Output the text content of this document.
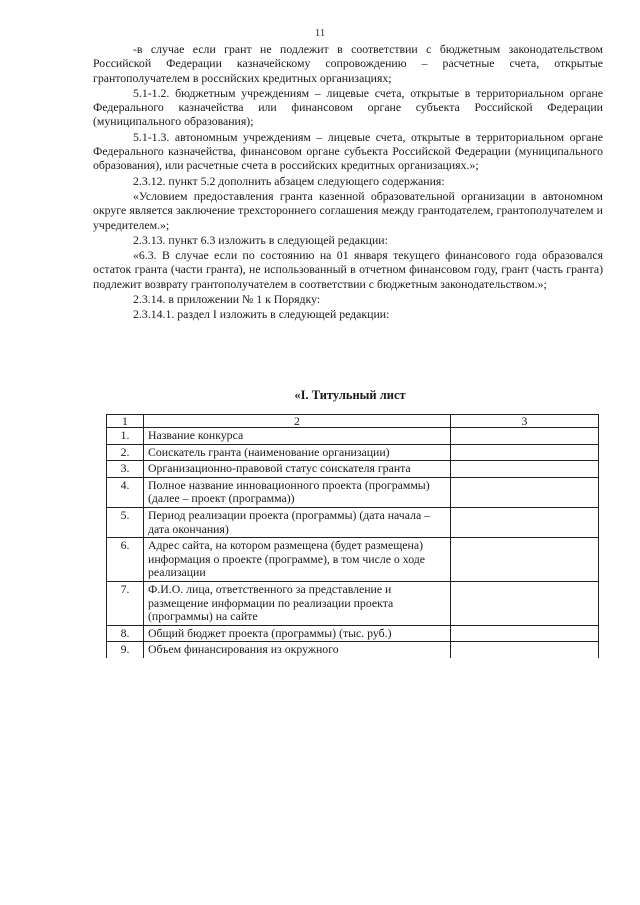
11

-в случае если грант не подлежит в соответствии с бюджетным законодательством Российской Федерации казначейскому сопровождению – расчетные счета, открытые грантополучателем в российских кредитных организациях;

5.1-1.2. бюджетным учреждениям – лицевые счета, открытые в территориальном органе Федерального казначейства или финансовом органе субъекта Российской Федерации (муниципального образования);

5.1-1.3. автономным учреждениям – лицевые счета, открытые в территориальном органе Федерального казначейства, финансовом органе субъекта Российской Федерации (муниципального образования), или расчетные счета в российских кредитных организациях.»;

2.3.12. пункт 5.2 дополнить абзацем следующего содержания:

«Условием предоставления гранта казенной образовательной организации в автономном округе является заключение трехстороннего соглашения между грантодателем, грантополучателем и учредителем.»;

2.3.13. пункт 6.3 изложить в следующей редакции:

«6.3. В случае если по состоянию на 01 января текущего финансового года образовался остаток гранта (части гранта), не использованный в отчетном финансовом году, грант (часть гранта) подлежит возврату грантополучателем в соответствии с бюджетным законодательством.»;

2.3.14. в приложении № 1 к Порядку:

2.3.14.1. раздел I изложить в следующей редакции:

«I. Титульный лист
1	2	3
1.	Название конкурса	
2.	Соискатель гранта (наименование организации)	
3.	Организационно-правовой статус соискателя гранта	
4.	Полное название инновационного проекта (программы) (далее – проект (программа))	
5.	Период реализации проекта (программы) (дата начала – дата окончания)	
6.	Адрес сайта, на котором размещена (будет размещена) информация о проекте (программе), в том числе о ходе реализации	
7.	Ф.И.О. лица, ответственного за представление и размещение информации по реализации проекта (программы) на сайте	
8.	Общий бюджет проекта (программы) (тыс. руб.)	
9.	Объем финансирования из окружного	
